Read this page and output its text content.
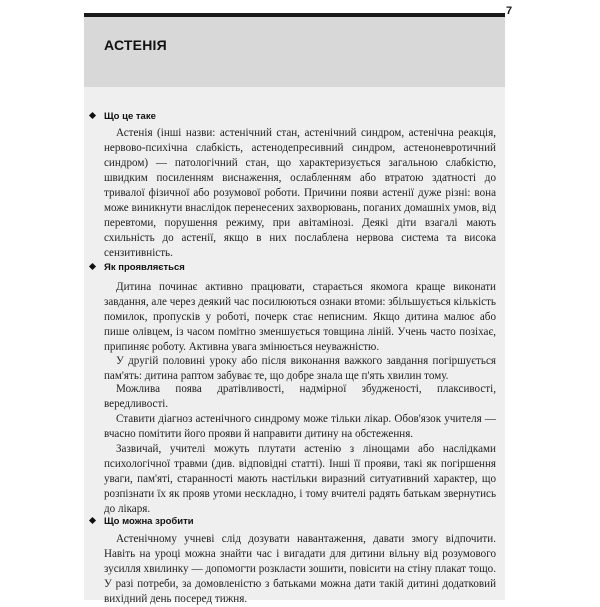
7
АСТЕНІЯ
Що це таке

Астенія (інші назви: астенічний стан, астенічний синдром, астенічна реакція, нервово-психічна слабкість, астенодепресивний синдром, астеноневротичний синдром) — патологічний стан, що характеризується загальною слабкістю, швидким посиленням виснаження, ослабленням або втратою здатності до тривалої фізичної або розумової роботи. Причини появи астенії дуже різні: вона може виникнути внаслідок перенесених захворювань, поганих домашніх умов, від перевтоми, порушення режиму, при авітамінозі. Деякі діти взагалі мають схильність до астенії, якщо в них послаблена нервова система та висока сензитивність.

Як проявляється

Дитина починає активно працювати, старається якомога краще виконати завдання, але через деякий час посилюються ознаки втоми: збільшується кількість помилок, пропусків у роботі, почерк стає неписним. Якщо дитина малює або пише олівцем, із часом помітно зменшується товщина ліній. Учень часто позіхає, припиняє роботу. Активна увага змінюється неуважністю.

У другій половині уроку або після виконання важкого завдання погіршується пам'ять: дитина раптом забуває те, що добре знала ще п'ять хвилин тому.

Можлива поява дратівливості, надмірної збудженості, плаксивості, вередливості.

Ставити діагноз астенічного синдрому може тільки лікар. Обов'язок учителя — вчасно помітити його прояви й направити дитину на обстеження.

Зазвичай, учителі можуть плутати астенію з лінощами або наслідками психологічної травми (див. відповідні статті). Інші її прояви, такі як погіршення уваги, пам'яті, старанності мають настільки виразний ситуативний характер, що розпізнати їх як прояв утоми нескладно, і тому вчителі радять батькам звернутись до лікаря.

Що можна зробити

Астенічному учневі слід дозувати навантаження, давати змогу відпочити. Навіть на уроці можна знайти час і вигадати для дитини вільну від розумового зусилля хвилинку — допомогти розкласти зошити, повісити на стіну плакат тощо. У разі потреби, за домовленістю з батьками можна дати такій дитині додатковий вихідний день посеред тижня.
